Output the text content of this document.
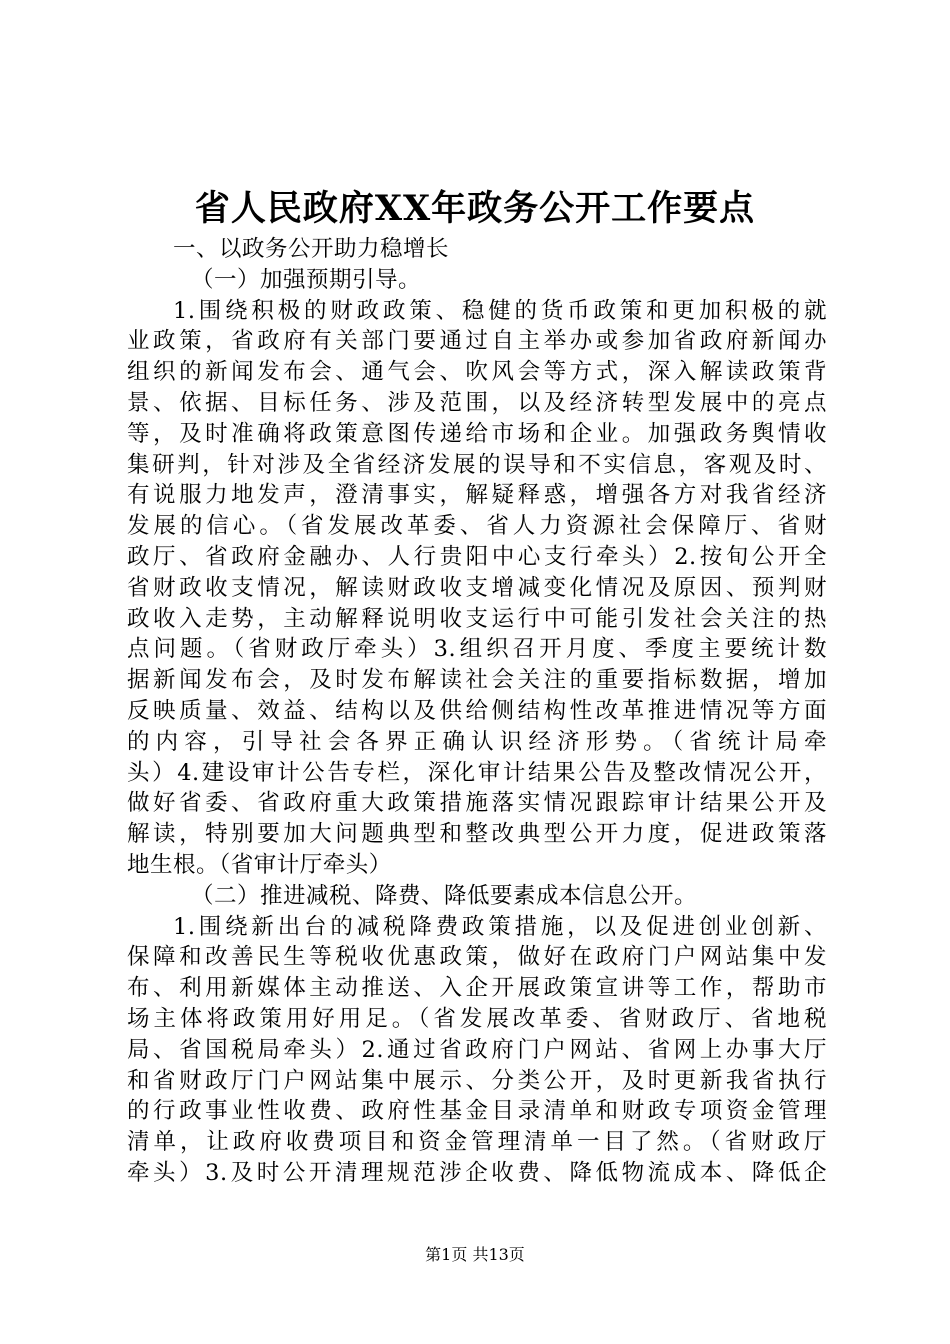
省人民政府XX年政务公开工作要点
一、以政务公开助力稳增长
（一）加强预期引导。
1.围绕积极的财政政策、稳健的货币政策和更加积极的就
业政策，省政府有关部门要通过自主举办或参加省政府新闻办
组织的新闻发布会、通气会、吹风会等方式，深入解读政策背
景、依据、目标任务、涉及范围，以及经济转型发展中的亮点
等，及时准确将政策意图传递给市场和企业。加强政务舆情收
集研判，针对涉及全省经济发展的误导和不实信息，客观及时、
有说服力地发声，澄清事实，解疑释惑，增强各方对我省经济
发展的信心。（省发展改革委、省人力资源社会保障厅、省财
政厅、省政府金融办、人行贵阳中心支行牵头）2.按旬公开全
省财政收支情况，解读财政收支增减变化情况及原因、预判财
政收入走势，主动解释说明收支运行中可能引发社会关注的热
点问题。（省财政厅牵头）3.组织召开月度、季度主要统计数
据新闻发布会，及时发布解读社会关注的重要指标数据，增加
反映质量、效益、结构以及供给侧结构性改革推进情况等方面
的内容，引导社会各界正确认识经济形势。（省统计局牵
头）4.建设审计公告专栏，深化审计结果公告及整改情况公开，
做好省委、省政府重大政策措施落实情况跟踪审计结果公开及
解读，特别要加大问题典型和整改典型公开力度，促进政策落
地生根。（省审计厅牵头）
（二）推进减税、降费、降低要素成本信息公开。
1.围绕新出台的减税降费政策措施，以及促进创业创新、
保障和改善民生等税收优惠政策，做好在政府门户网站集中发
布、利用新媒体主动推送、入企开展政策宣讲等工作，帮助市
场主体将政策用好用足。（省发展改革委、省财政厅、省地税
局、省国税局牵头）2.通过省政府门户网站、省网上办事大厅
和省财政厅门户网站集中展示、分类公开，及时更新我省执行
的行政事业性收费、政府性基金目录清单和财政专项资金管理
清单，让政府收费项目和资金管理清单一目了然。（省财政厅
牵头）3.及时公开清理规范涉企收费、降低物流成本、降低企
第1页 共13页
